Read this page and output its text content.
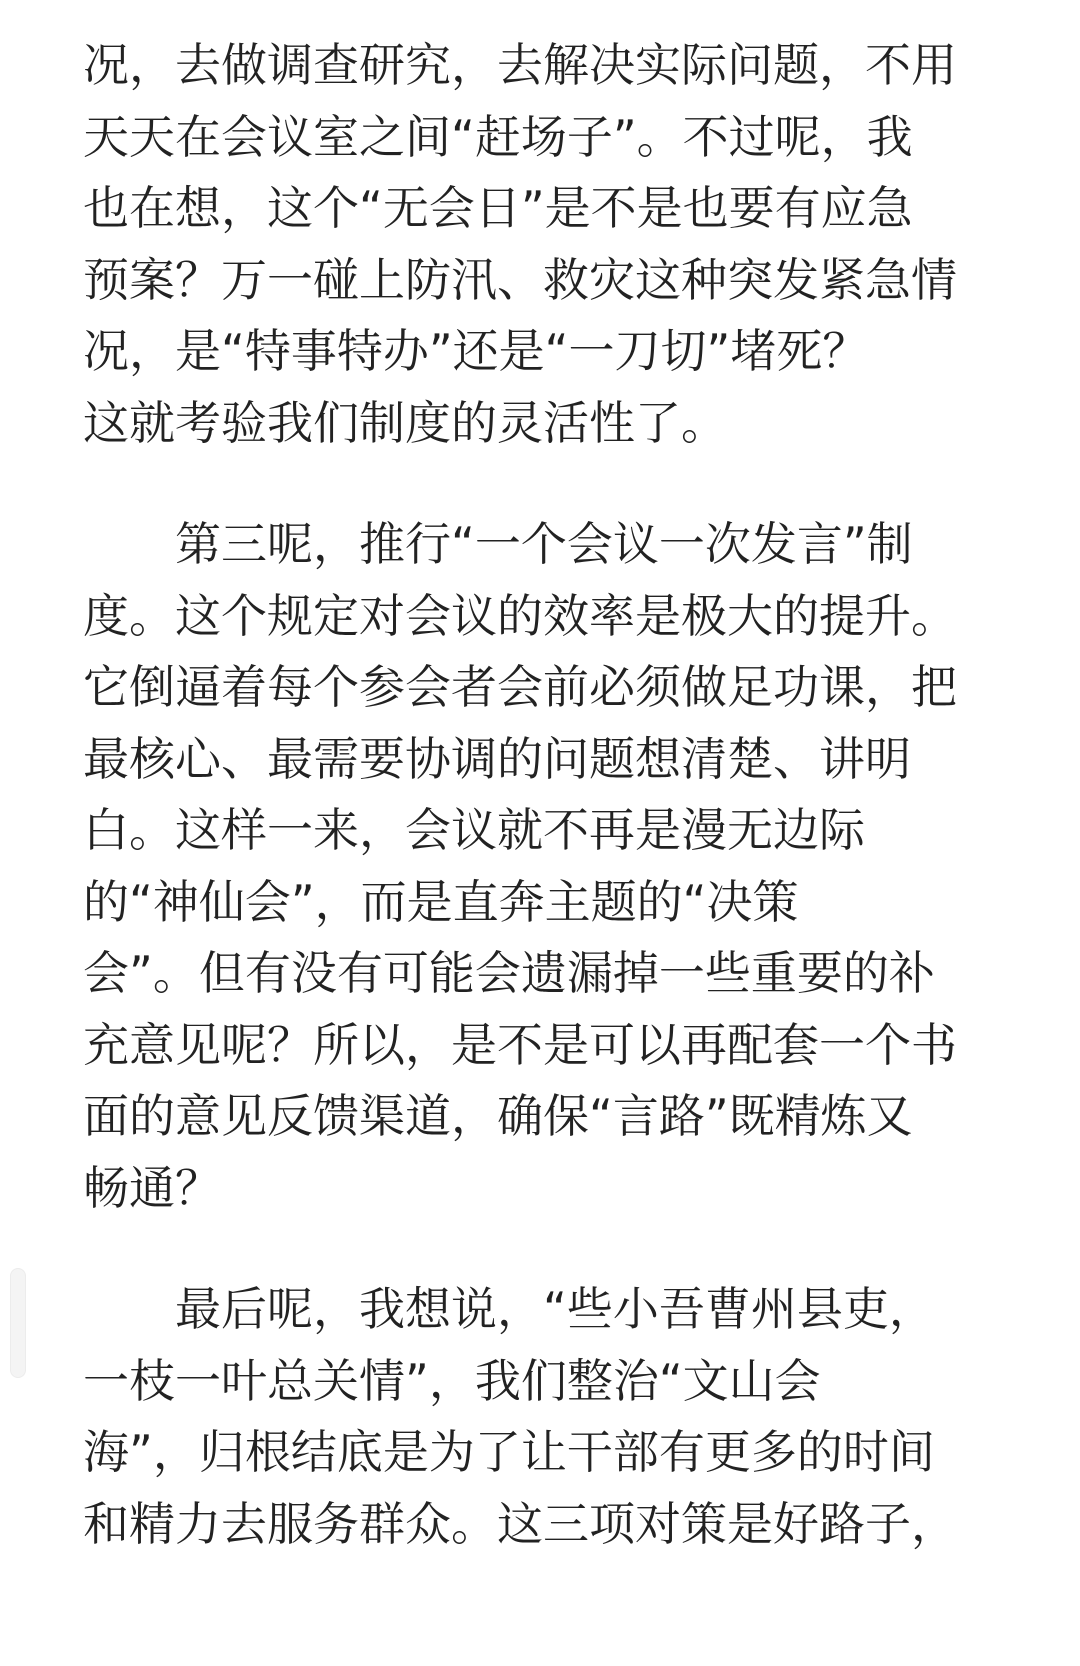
况，去做调查研究，去解决实际问题，不用
天天在会议室之间“赶场子”。不过呢，我
也在想，这个“无会日”是不是也要有应急
预案？万一碰上防汛、救灾这种突发紧急情
况，是“特事特办”还是“一刀切”堵死？
这就考验我们制度的灵活性了。
第三呢，推行“一个会议一次发言”制
度。这个规定对会议的效率是极大的提升。
它倒逼着每个参会者会前必须做足功课，把
最核心、最需要协调的问题想清楚、讲明
白。这样一来，会议就不再是漫无边际
的“神仙会”，而是直奔主题的“决策
会”。但有没有可能会遗漏掉一些重要的补
充意见呢？所以，是不是可以再配套一个书
面的意见反馈渠道，确保“言路”既精炼又
畅通？
最后呢，我想说，“些小吾曹州县吏，
一枝一叶总关情”，我们整治“文山会
海”，归根结底是为了让干部有更多的时间
和精力去服务群众。这三项对策是好路子，
